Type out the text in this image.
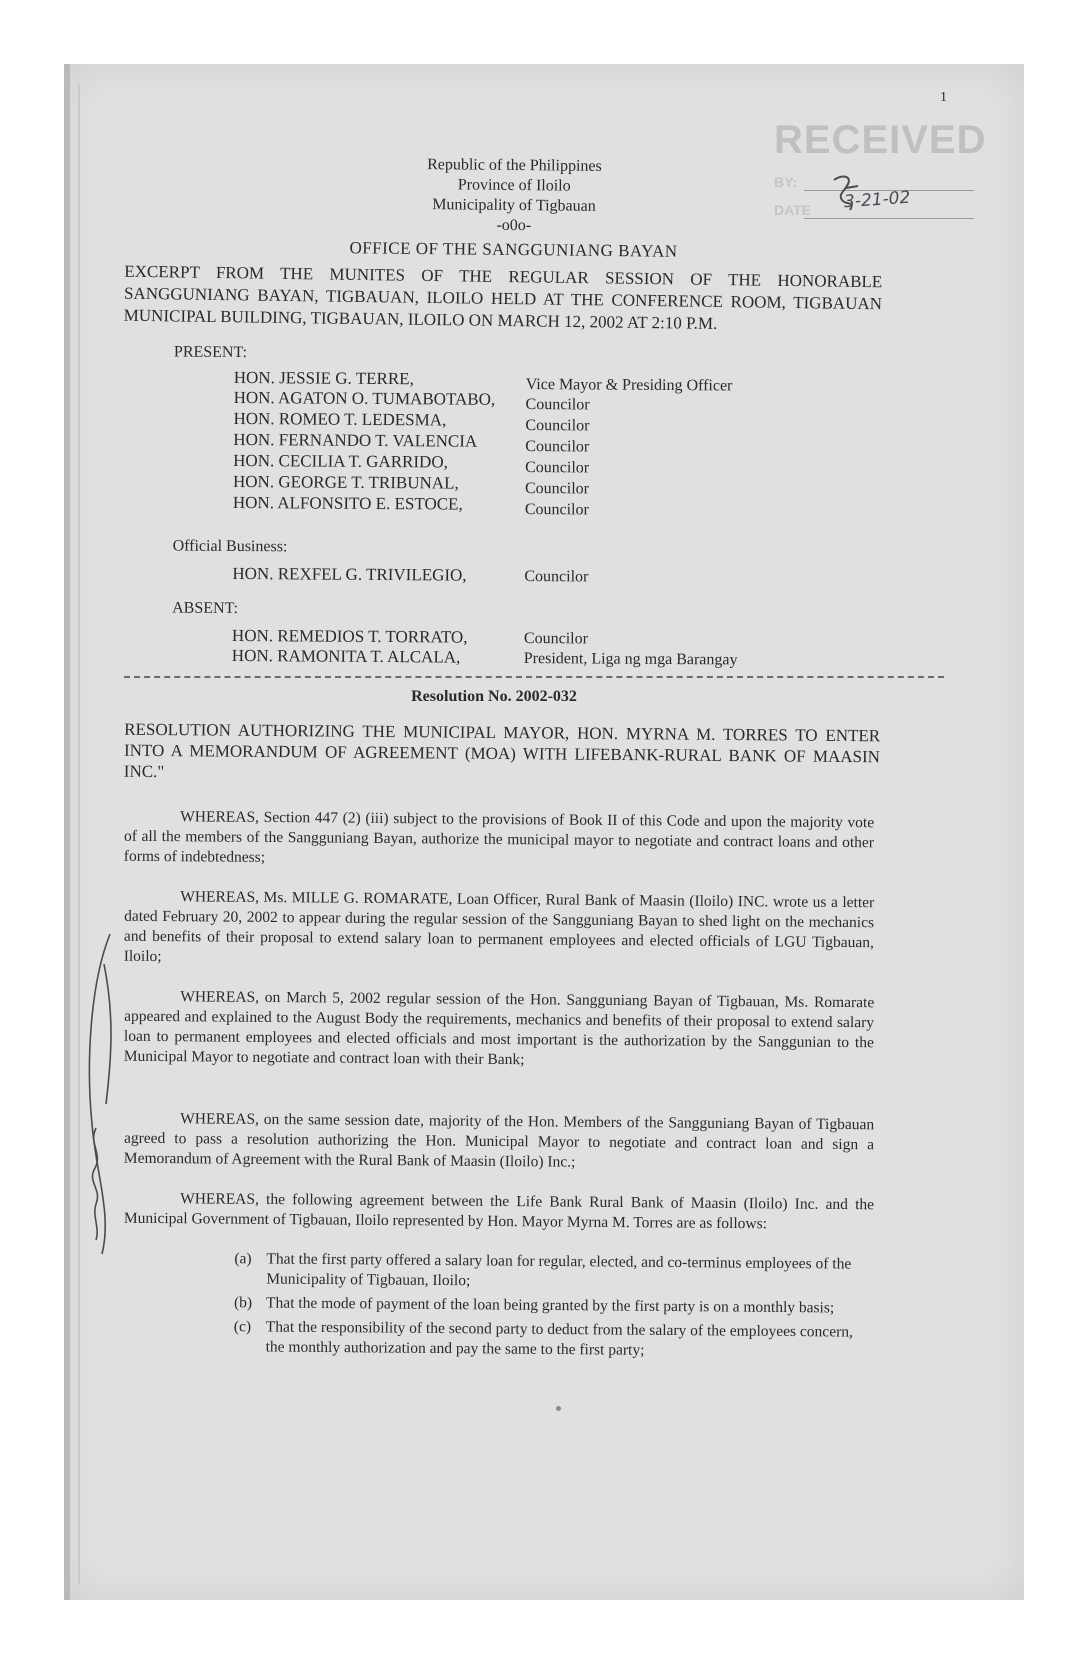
1
RECEIVED
BY:
DATE 3-21-02
Republic of the Philippines
Province of Iloilo
Municipality of Tigbauan
-o0o-
OFFICE OF THE SANGGUNIANG BAYAN
EXCERPT FROM THE MUNITES OF THE REGULAR SESSION OF THE HONORABLE SANGGUNIANG BAYAN, TIGBAUAN, ILOILO HELD AT THE CONFERENCE ROOM, TIGBAUAN MUNICIPAL BUILDING, TIGBAUAN, ILOILO ON MARCH 12, 2002 AT 2:10 P.M.
PRESENT:
HON. JESSIE G. TERRE,	Vice Mayor & Presiding Officer
HON. AGATON O. TUMABOTABO, Councilor
HON. ROMEO T. LEDESMA,	Councilor
HON. FERNANDO T. VALENCIA	Councilor
HON. CECILIA T. GARRIDO,	Councilor
HON. GEORGE T. TRIBUNAL,	Councilor
HON. ALFONSITO E. ESTOCE,	Councilor
Official Business:
HON. REXFEL G. TRIVILEGIO,	Councilor
ABSENT:
HON. REMEDIOS T. TORRATO,	Councilor
HON. RAMONITA T. ALCALA,	President, Liga ng mga Barangay
Resolution No. 2002-032
RESOLUTION AUTHORIZING THE MUNICIPAL MAYOR, HON. MYRNA M. TORRES TO ENTER INTO A MEMORANDUM OF AGREEMENT (MOA) WITH LIFEBANK-RURAL BANK OF MAASIN INC."
WHEREAS, Section 447 (2) (iii) subject to the provisions of Book II of this Code and upon the majority vote of all the members of the Sangguniang Bayan, authorize the municipal mayor to negotiate and contract loans and other forms of indebtedness;
WHEREAS, Ms. MILLE G. ROMARATE, Loan Officer, Rural Bank of Maasin (Iloilo) INC. wrote us a letter dated February 20, 2002 to appear during the regular session of the Sangguniang Bayan to shed light on the mechanics and benefits of their proposal to extend salary loan to permanent employees and elected officials of LGU Tigbauan, Iloilo;
WHEREAS, on March 5, 2002 regular session of the Hon. Sangguniang Bayan of Tigbauan, Ms. Romarate appeared and explained to the August Body the requirements, mechanics and benefits of their proposal to extend salary loan to permanent employees and elected officials and most important is the authorization by the Sanggunian to the Municipal Mayor to negotiate and contract loan with their Bank;
WHEREAS, on the same session date, majority of the Hon. Members of the Sangguniang Bayan of Tigbauan agreed to pass a resolution authorizing the Hon. Municipal Mayor to negotiate and contract loan and sign a Memorandum of Agreement with the Rural Bank of Maasin (Iloilo) Inc.;
WHEREAS, the following agreement between the Life Bank Rural Bank of Maasin (Iloilo) Inc. and the Municipal Government of Tigbauan, Iloilo represented by Hon. Mayor Myrna M. Torres are as follows:
(a) That the first party offered a salary loan for regular, elected, and co-terminus employees of the Municipality of Tigbauan, Iloilo;
(b) That the mode of payment of the loan being granted by the first party is on a monthly basis;
(c) That the responsibility of the second party to deduct from the salary of the employees concern, the monthly authorization and pay the same to the first party;
